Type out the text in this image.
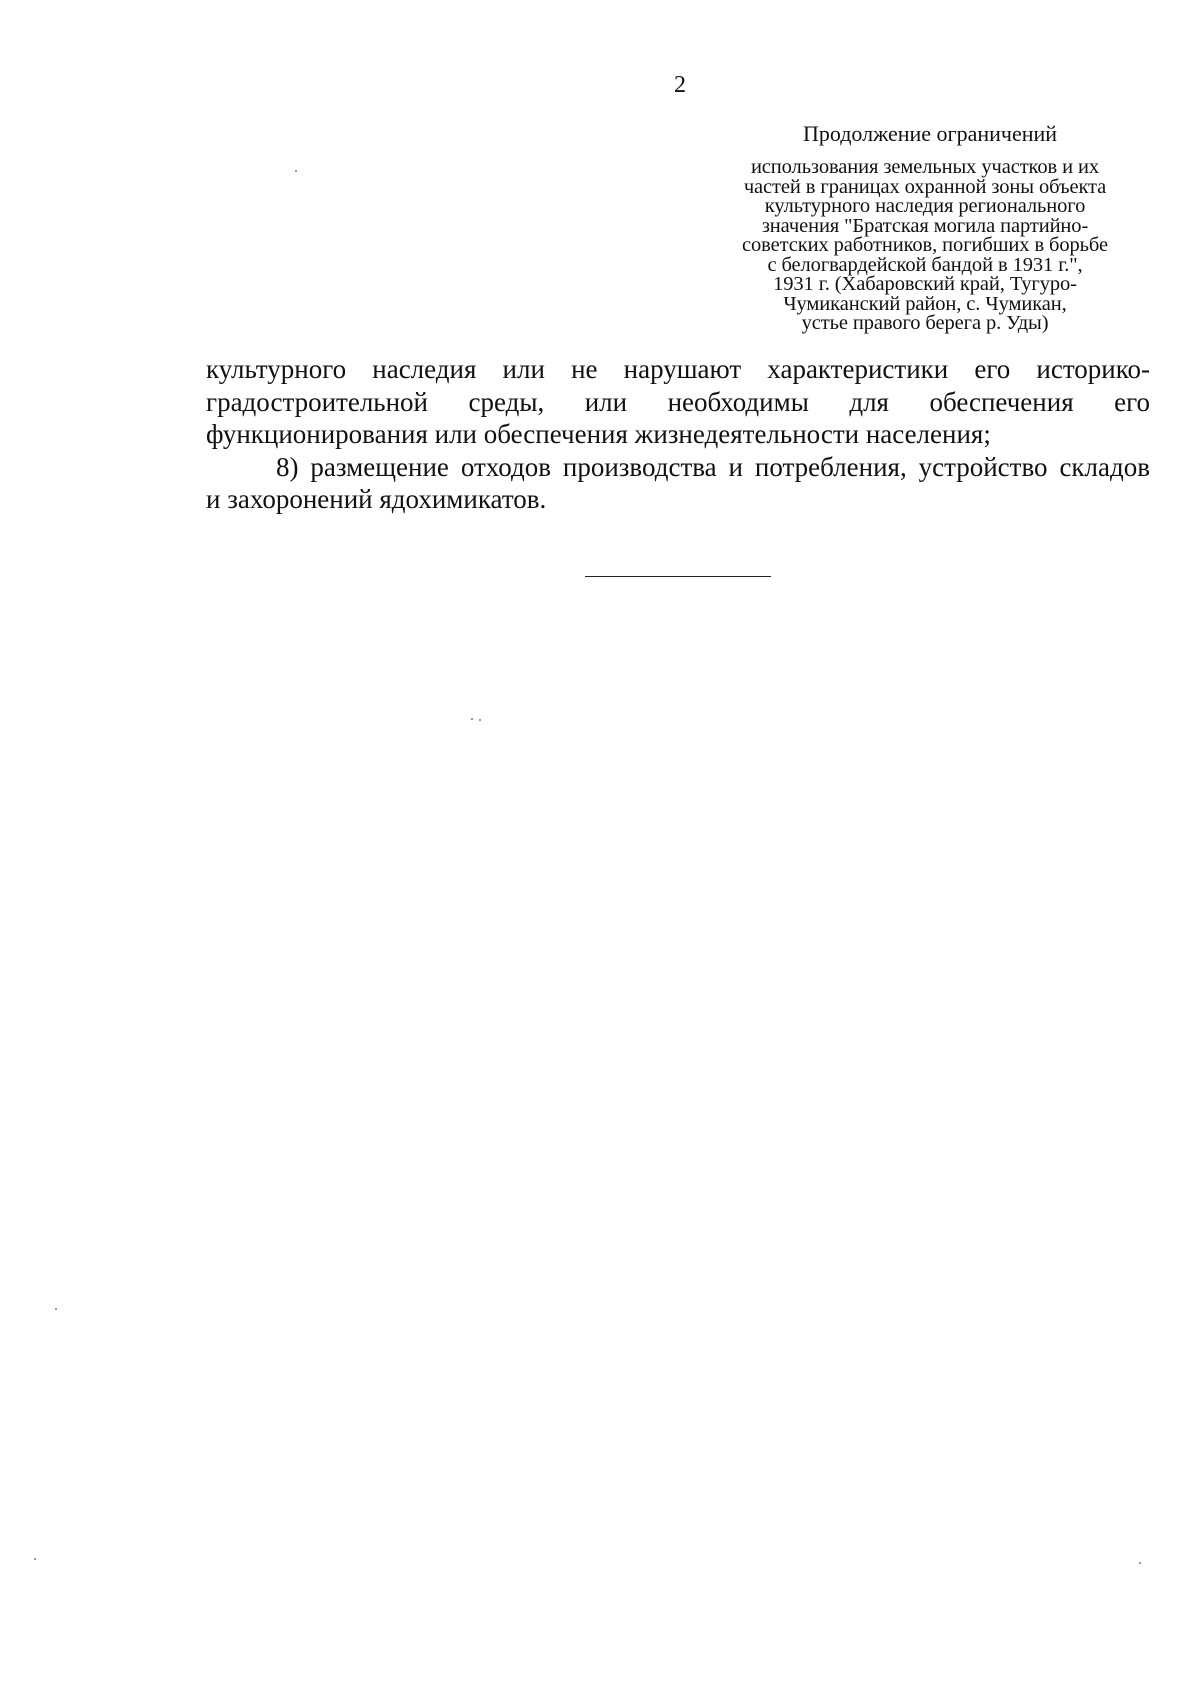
2
Продолжение ограничений
использования земельных участков и их
частей в границах охранной зоны объекта
культурного наследия регионального
значения "Братская могила партийно-
советских работников, погибших в борьбе
с белогвардейской бандой в 1931 г.",
1931 г. (Хабаровский край, Тугуро-
Чумиканский район, с. Чумикан,
устье правого берега р. Уды)
культурного наследия или не нарушают характеристики его историко-
градостроительной среды, или необходимы для обеспечения его
функционирования или обеспечения жизнедеятельности населения;
8) размещение отходов производства и потребления, устройство складов
и захоронений ядохимикатов.
